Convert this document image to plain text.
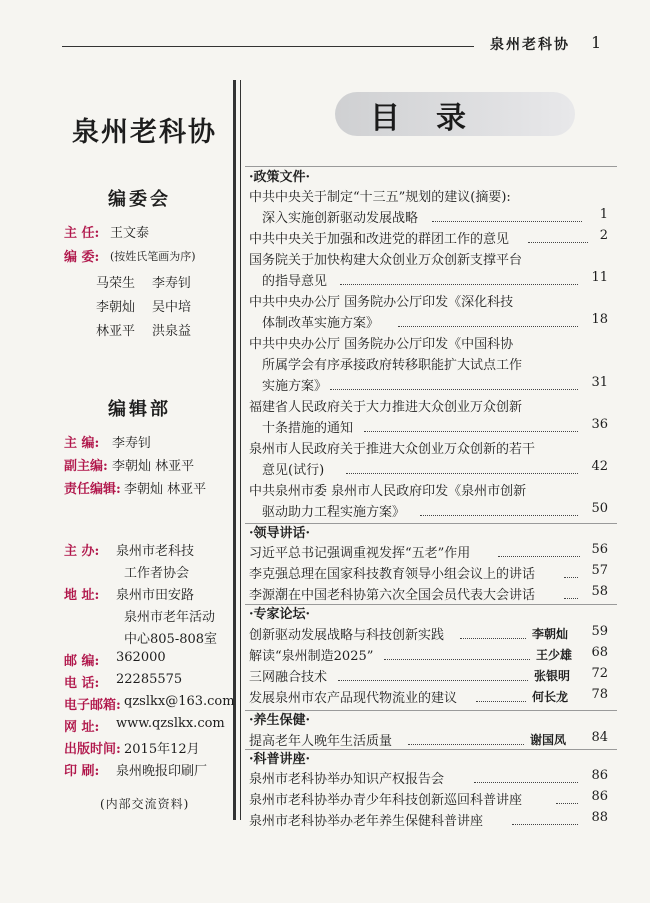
泉州老科协 1
泉州老科协
编委会
主 任: 王文泰
编 委: (按姓氏笔画为序)
马荣生 李寿钊
李朝灿 吴中培
林亚平 洪泉益
编辑部
主 编: 李寿钊
副主编: 李朝灿 林亚平
责任编辑: 李朝灿 林亚平
主 办: 泉州市老科技
工作者协会
地 址: 泉州市田安路
泉州市老年活动
中心805-808室
邮 编: 362000
电 话: 22285575
电子邮箱: qzslkx@163.com
网 址: www.qzslkx.com
出版时间: 2015年12月
印 刷: 泉州晚报印刷厂
(内部交流资料)
目录
·政策文件·
中共中央关于制定“十三五”规划的建议(摘要):
深入实施创新驱动发展战略	1
中共中央关于加强和改进党的群团工作的意见	2
国务院关于加快构建大众创业万众创新支撑平台
的指导意见	11
中共中央办公厅 国务院办公厅印发《深化科技
体制改革实施方案》	18
中共中央办公厅 国务院办公厅印发《中国科协
所属学会有序承接政府转移职能扩大试点工作
实施方案》	31
福建省人民政府关于大力推进大众创业万众创新
十条措施的通知	36
泉州市人民政府关于推进大众创业万众创新的若干
意见(试行)	42
中共泉州市委 泉州市人民政府印发《泉州市创新
驱动助力工程实施方案》	50
·领导讲话·
习近平总书记强调重视发挥“五老”作用	56
李克强总理在国家科技教育领导小组会议上的讲话	57
李源潮在中国老科协第六次全国会员代表大会讲话	58
·专家论坛·
创新驱动发展战略与科技创新实践	李朝灿	59
解读“泉州制造2025”	王少雄	68
三网融合技术	张银明	72
发展泉州市农产品现代物流业的建议	何长龙	78
·养生保健·
提高老年人晚年生活质量	谢国凤	84
·科普讲座·
泉州市老科协举办知识产权报告会	86
泉州市老科协举办青少年科技创新巡回科普讲座	86
泉州市老科协举办老年养生保健科普讲座	88
